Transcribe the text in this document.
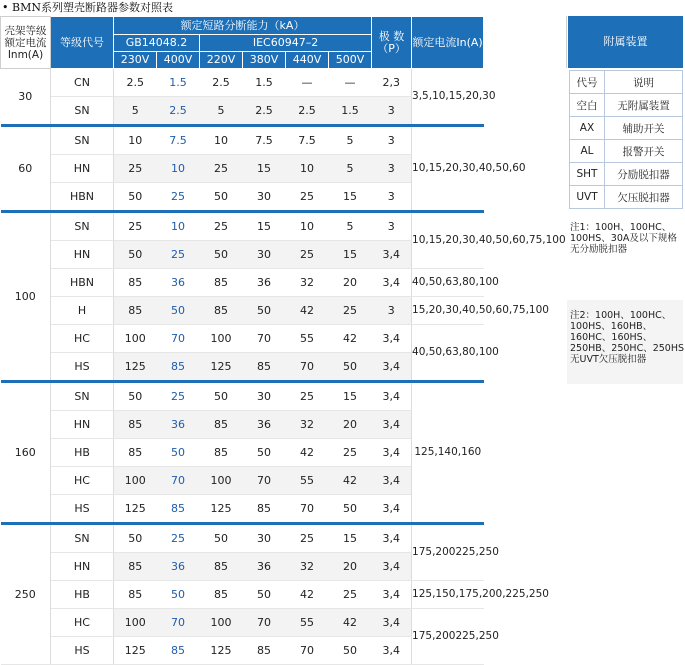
• BMN系列塑壳断路器参数对照表
壳架等级额定电流Inm(A)	等级代号	额定短路分断能力（kA）						极 数（P）	额定电流In(A)	
		GB14048.2		IEC60947–2						
		230V	400V	220V	380V	440V	500V			
30	CN	2.5	1.5	2.5	1.5	—	—	2,3	3,5,10,15,20,30	
	SN	5	2.5	5	2.5	2.5	1.5	3		
60	SN	10	7.5	10	7.5	7.5	5	3	10,15,20,30,40,50,60	
	HN	25	10	25	15	10	5	3		
	HBN	50	25	50	30	25	15	3		
100	SN	25	10	25	15	10	5	3	10,15,20,30,40,50,60,75,100	
	HN	50	25	50	30	25	15	3,4		
	HBN	85	36	85	36	32	20	3,4	40,50,63,80,100	
	H	85	50	85	50	42	25	3	15,20,30,40,50,60,75,100	
	HC	100	70	100	70	55	42	3,4	40,50,63,80,100	
	HS	125	85	125	85	70	50	3,4		
160	SN	50	25	50	30	25	15	3,4	125,140,160	
	HN	85	36	85	36	32	20	3,4		
	HB	85	50	85	50	42	25	3,4		
	HC	100	70	100	70	55	42	3,4		
	HS	125	85	125	85	70	50	3,4		
250	SN	50	25	50	30	25	15	3,4	175,200225,250	
	HN	85	36	85	36	32	20	3,4		
	HB	85	50	85	50	42	25	3,4	125,150,175,200,225,250	
	HC	100	70	100	70	55	42	3,4	175,200225,250	
	HS	125	85	125	85	70	50	3,4		
附属装置
代号	说明
空白	无附属装置
AX	辅助开关
AL	报警开关
SHT	分励脱扣器
UVT	欠压脱扣器
注1：100H、100HC、100HS、30A及以下规格无分励脱扣器
注2：100H、100HC、100HS、160HB、160HC、160HS、250HB、250HC、250HS无UVT欠压脱扣器
